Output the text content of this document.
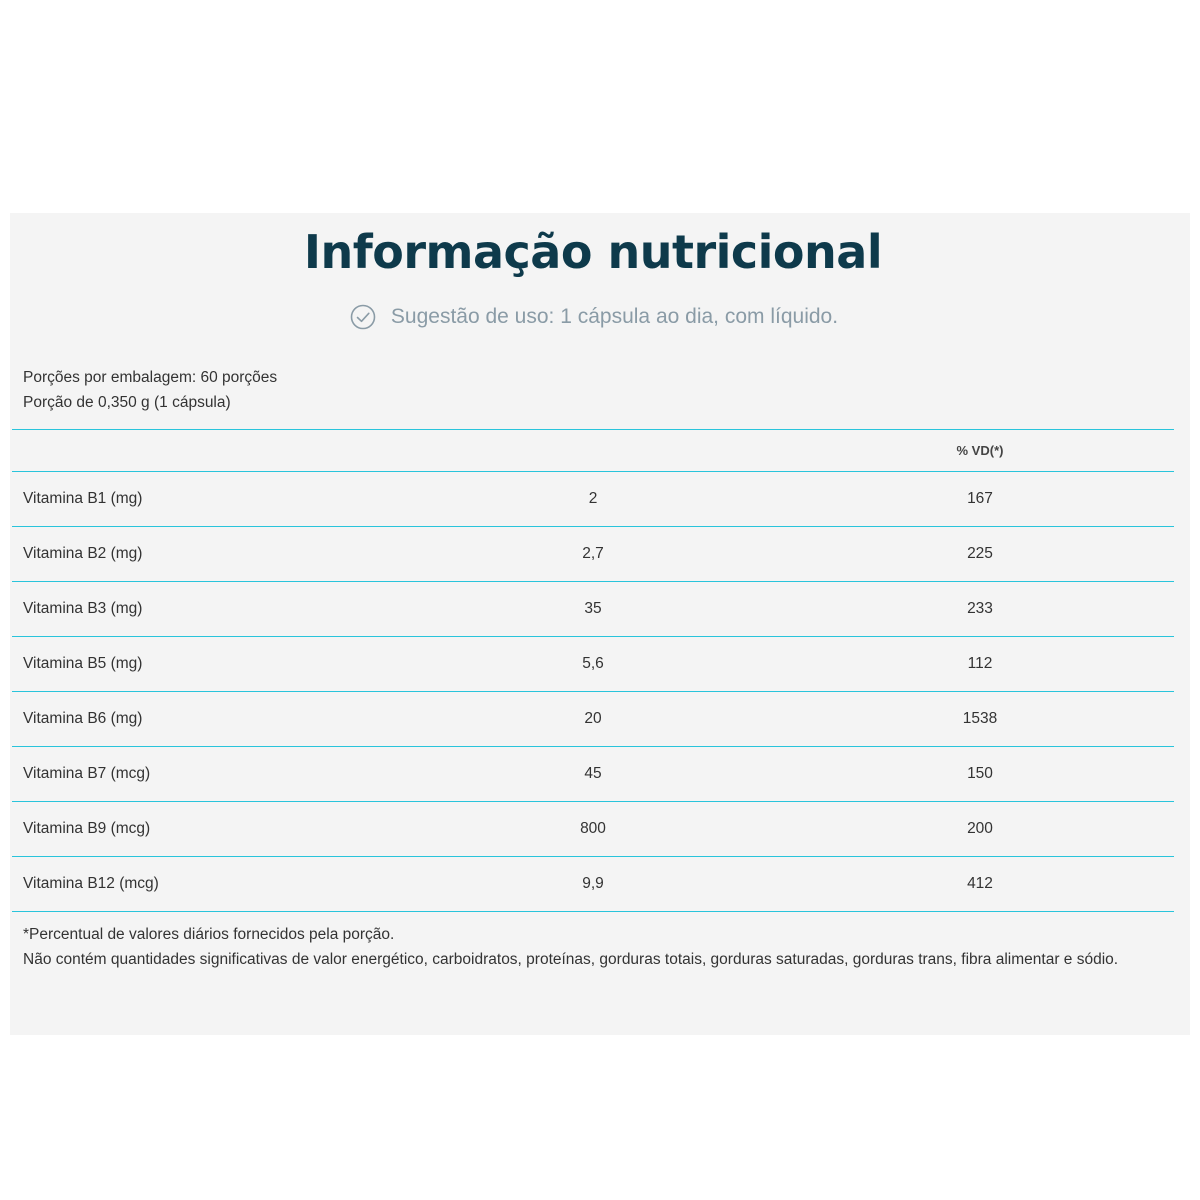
Informação nutricional
Sugestão de uso: 1 cápsula ao dia, com líquido.
Porções por embalagem: 60 porções
Porção de 0,350 g (1 cápsula)
% VD(*)
Vitamina B1 (mg)	2	167
Vitamina B2 (mg)	2,7	225
Vitamina B3 (mg)	35	233
Vitamina B5 (mg)	5,6	112
Vitamina B6 (mg)	20	1538
Vitamina B7 (mcg)	45	150
Vitamina B9 (mcg)	800	200
Vitamina B12 (mcg)	9,9	412

*Percentual de valores diários fornecidos pela porção.

Não contém quantidades significativas de valor energético, carboidratos, proteínas, gorduras totais, gorduras saturadas, gorduras trans, fibra alimentar e sódio.
